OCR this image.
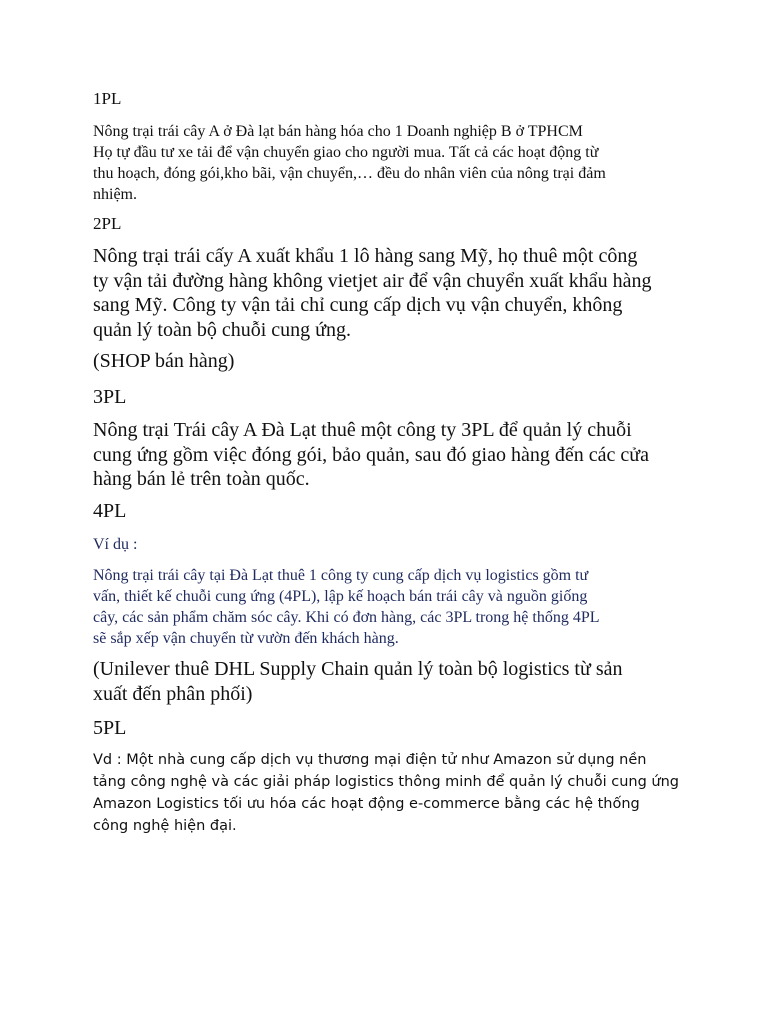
1PL

Nông trại trái cây A ở Đà lạt bán hàng hóa cho 1 Doanh nghiệp B ở TPHCM
Họ tự đầu tư xe tải để vận chuyển giao cho người mua. Tất cả các hoạt động từ
thu hoạch, đóng gói,kho bãi, vận chuyển,… đều do nhân viên của nông trại đảm
nhiệm.

2PL

Nông trại trái cấy A xuất khẩu 1 lô hàng sang Mỹ, họ thuê một công
ty vận tải đường hàng không vietjet air để vận chuyển xuất khẩu hàng
sang Mỹ. Công ty vận tải chỉ cung cấp dịch vụ vận chuyển, không
quản lý toàn bộ chuỗi cung ứng.

(SHOP bán hàng)

3PL

Nông trại Trái cây A Đà Lạt thuê một công ty 3PL để quản lý chuỗi
cung ứng gồm việc đóng gói, bảo quản, sau đó giao hàng đến các cửa
hàng bán lẻ trên toàn quốc.

4PL

Ví dụ :

Nông trại trái cây tại Đà Lạt thuê 1 công ty cung cấp dịch vụ logistics gồm tư
vấn, thiết kế chuỗi cung ứng (4PL), lập kế hoạch bán trái cây và nguồn giống
cây, các sản phẩm chăm sóc cây. Khi có đơn hàng, các 3PL trong hệ thống 4PL
sẽ sắp xếp vận chuyển từ vườn đến khách hàng.
(Unilever thuê DHL Supply Chain quản lý toàn bộ logistics từ sản
xuất đến phân phối)

5PL

Vd : Một nhà cung cấp dịch vụ thương mại điện tử như Amazon sử dụng nền
tảng công nghệ và các giải pháp logistics thông minh để quản lý chuỗi cung ứng
Amazon Logistics tối ưu hóa các hoạt động e-commerce bằng các hệ thống
công nghệ hiện đại.
